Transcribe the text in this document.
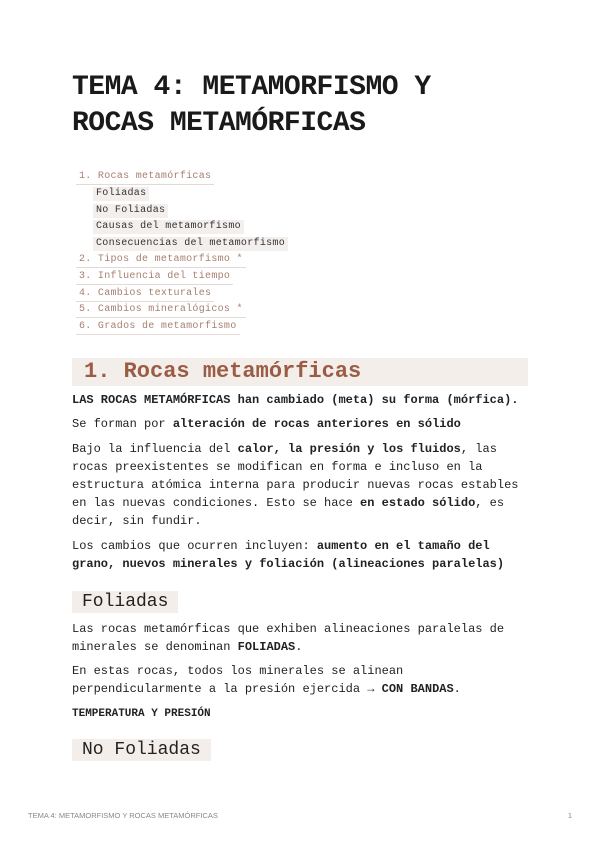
TEMA 4: METAMORFISMO Y
ROCAS METAMÓRFICAS
1. Rocas metamórficas
Foliadas
No Foliadas
Causas del metamorfismo
Consecuencias del metamorfismo
2. Tipos de metamorfismo *
3. Influencia del tiempo
4. Cambios texturales
5. Cambios mineralógicos *
6. Grados de metamorfismo
1. Rocas metamórficas

LAS ROCAS METAMÓRFICAS han cambiado (meta) su forma (mórfica).

Se forman por alteración de rocas anteriores en sólido

Bajo la influencia del calor, la presión y los fluidos, las rocas preexistentes se modifican en forma e incluso en la estructura atómica interna para producir nuevas rocas estables en las nuevas condiciones. Esto se hace en estado sólido, es decir, sin fundir.

Los cambios que ocurren incluyen: aumento en el tamaño del grano, nuevos minerales y foliación (alineaciones paralelas)

Foliadas

Las rocas metamórficas que exhiben alineaciones paralelas de minerales se denominan FOLIADAS.

En estas rocas, todos los minerales se alinean perpendicularmente a la presión ejercida → CON BANDAS.

TEMPERATURA Y PRESIÓN

No Foliadas
TEMA 4: METAMORFISMO Y ROCAS METAMÓRFICAS	1
